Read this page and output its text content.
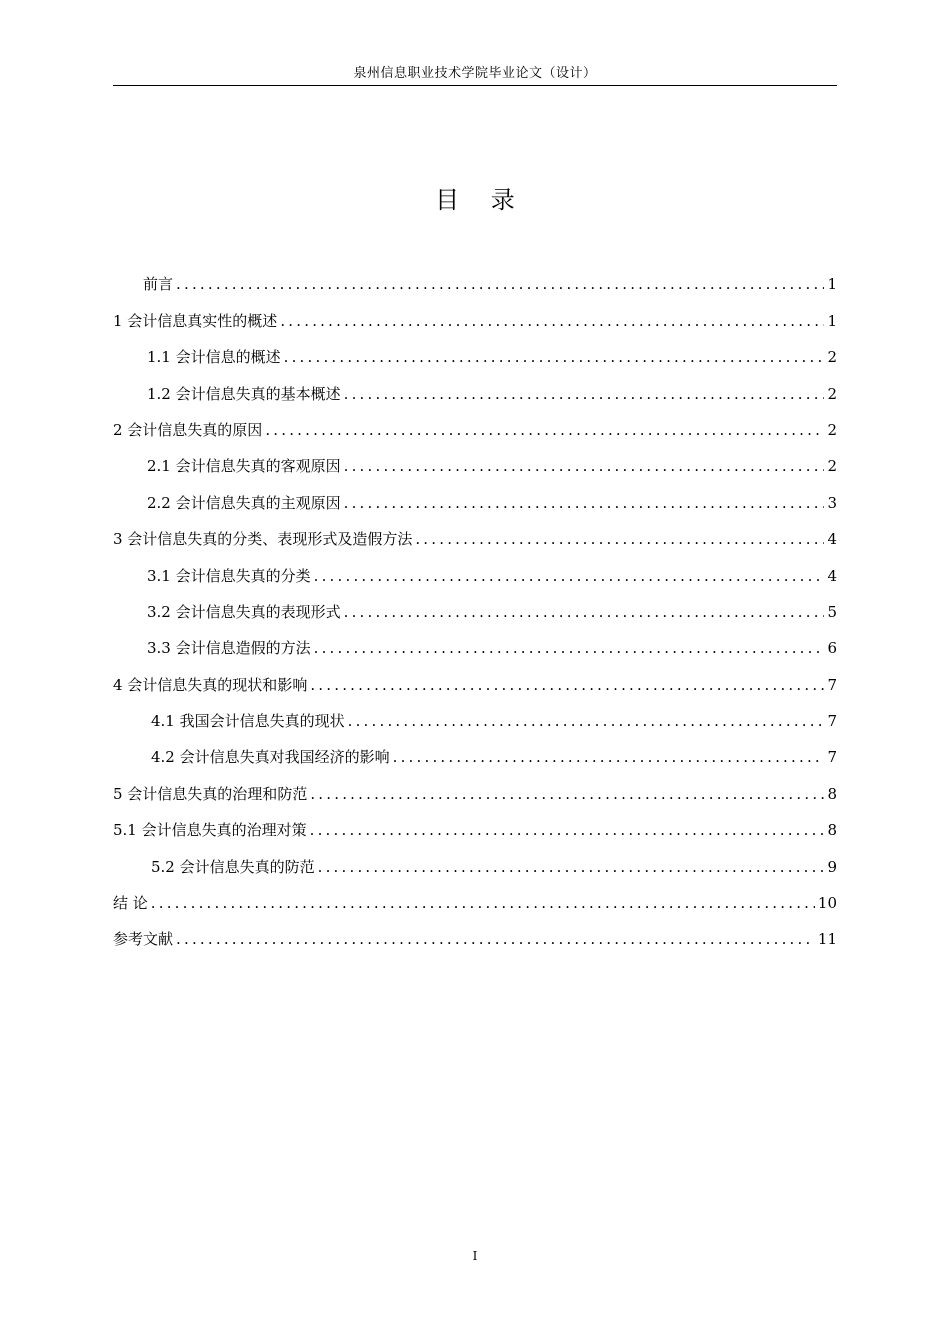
泉州信息职业技术学院毕业论文（设计）
目 录
前言 .....	1
1 会计信息真实性的概述 .....	1
1.1 会计信息的概述 .....	2
1.2 会计信息失真的基本概述 .....	2
2 会计信息失真的原因 .....	2
2.1 会计信息失真的客观原因 .....	2
2.2 会计信息失真的主观原因 .....	3
3 会计信息失真的分类、表现形式及造假方法 .....	4
3.1 会计信息失真的分类 .....	4
3.2 会计信息失真的表现形式 .....	5
3.3 会计信息造假的方法 .....	6
4 会计信息失真的现状和影响 .....	7
4.1 我国会计信息失真的现状 .....	7
4.2 会计信息失真对我国经济的影响 .....	7
5 会计信息失真的治理和防范 .....	8
5.1 会计信息失真的治理对策 .....	8
5.2 会计信息失真的防范 .....	9
结 论 .....	10
参考文献 .....	11
I
